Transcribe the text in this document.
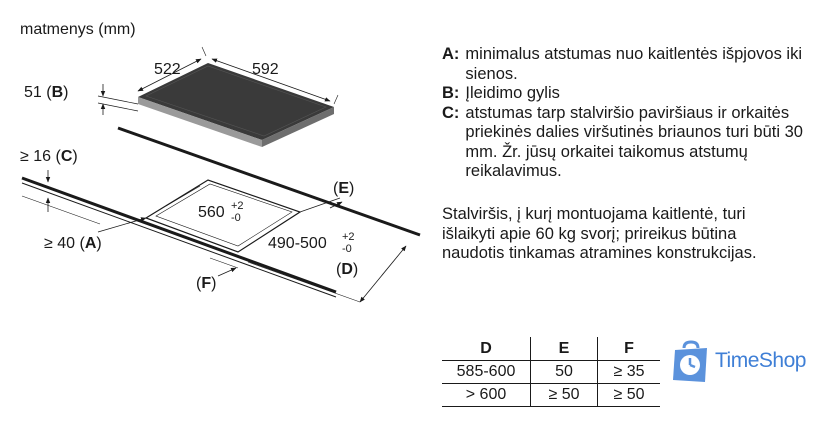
matmenys (mm)
522	592
51 (B)
560 +2
-0
490-500 +2
-0
(E)
(D)
≥ 40 (A)
≥ 16 (C)
(F)
A: minimalus atstumas nuo kaitlentės išpjovos iki sienos.
B: Įleidimo gylis
C: atstumas tarp stalviršio paviršiaus ir orkaitės priekinės dalies viršutinės briaunos turi būti 30 mm. Žr. jūsų orkaitei taikomus atstumų reikalavimus.

Stalviršis, į kurį montuojama kaitlentė, turi išlaikyti apie 60 kg svorį; prireikus būtina naudotis tinkamas atramines konstrukcijas.

D	E	F
585-600	50	≥ 35
> 600	≥ 50	≥ 50
TimeShop
